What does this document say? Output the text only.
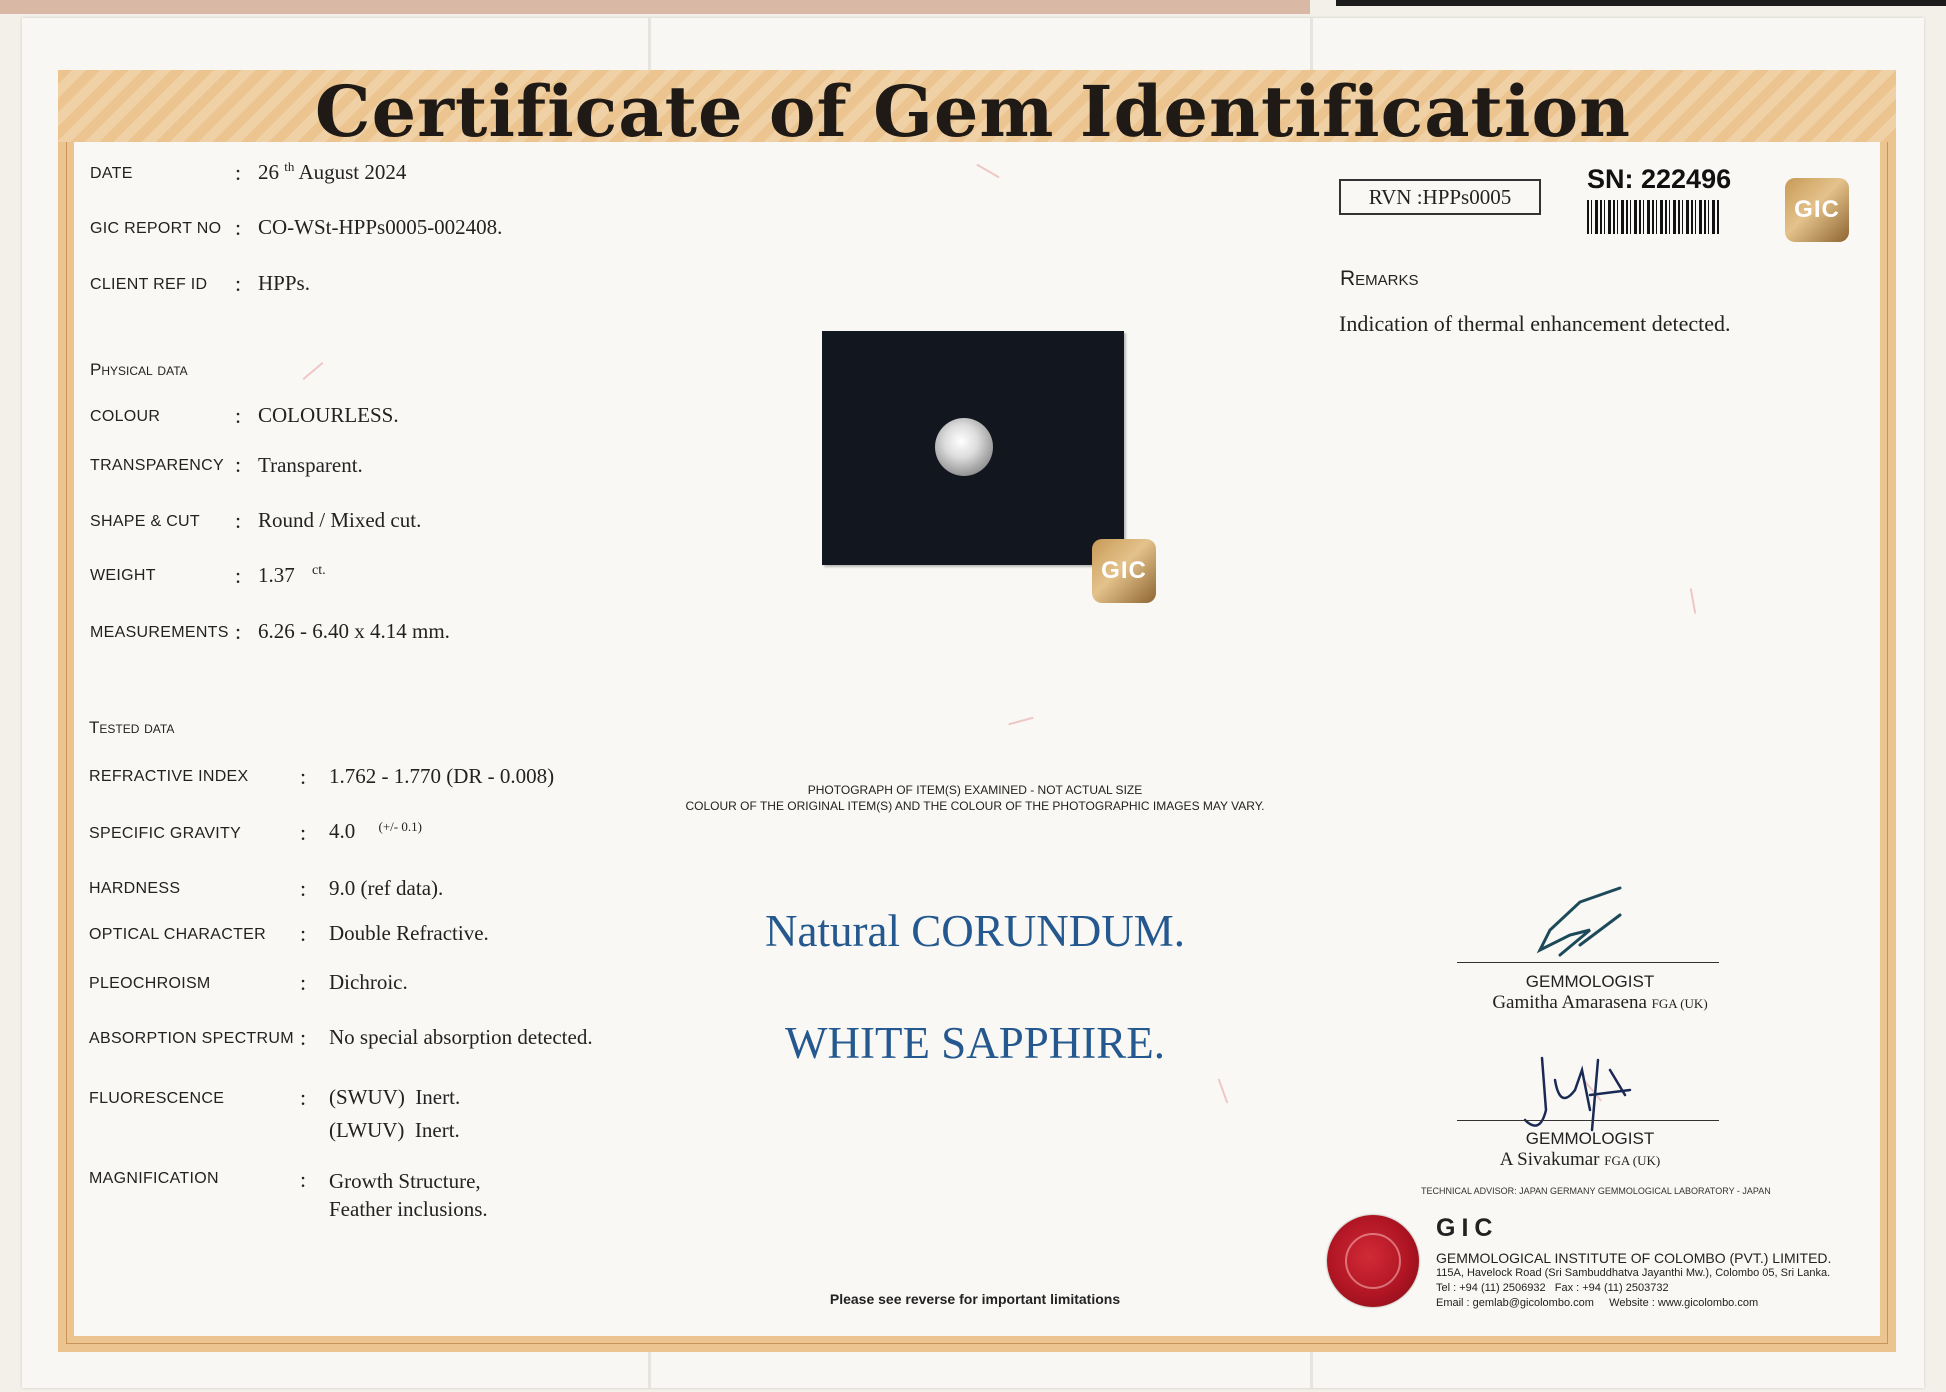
Certificate of Gem Identification
DATE	: 26 $^{th}$ August 2024
GIC REPORT NO : CO-WSt-HPPs0005-002408.
CLIENT REF ID : HPPs.
Physical data
COLOUR	: COLOURLESS.
TRANSPARENCY : Transparent.
SHAPE & CUT : Round / Mixed cut.
WEIGHT	: 1.37 $^{ct.}$
MEASUREMENTS : 6.26 - 6.40 x 4.14 mm.
Tested data
REFRACTIVE INDEX : 1.762 - 1.770 (DR - 0.008)
SPECIFIC GRAVITY	: 4.0 $^{(+/- 0.1)}$
HARDNESS	: 9.0 (ref data).
OPTICAL CHARACTER : Double Refractive.
PLEOCHROISM	: Dichroic.
ABSORPTION SPECTRUM : No special absorption detected.
FLUORESCENCE	: (SWUV)  Inert.
(LWUV)  Inert.
MAGNIFICATION	: Growth Structure,
Feather inclusions.
GIC
PHOTOGRAPH OF ITEM(S) EXAMINED - NOT ACTUAL SIZE
COLOUR OF THE ORIGINAL ITEM(S) AND THE COLOUR OF THE PHOTOGRAPHIC IMAGES MAY VARY.
Natural CORUNDUM.
WHITE SAPPHIRE.
Please see reverse for important limitations
RVN :HPPs0005
SN: 222496
GIC
Remarks
Indication of thermal enhancement detected.
GEMMOLOGIST
Gamitha Amarasena FGA (UK)
GEMMOLOGIST
A Sivakumar FGA (UK)
TECHNICAL ADVISOR: JAPAN GERMANY GEMMOLOGICAL LABORATORY - JAPAN
GIC
GEMMOLOGICAL INSTITUTE OF COLOMBO (PVT.) LIMITED.
115A, Havelock Road (Sri Sambuddhatva Jayanthi Mw.), Colombo 05, Sri Lanka.
Tel : +94 (11) 2506932   Fax : +94 (11) 2503732
Email : gemlab@gicolombo.com     Website : www.gicolombo.com
